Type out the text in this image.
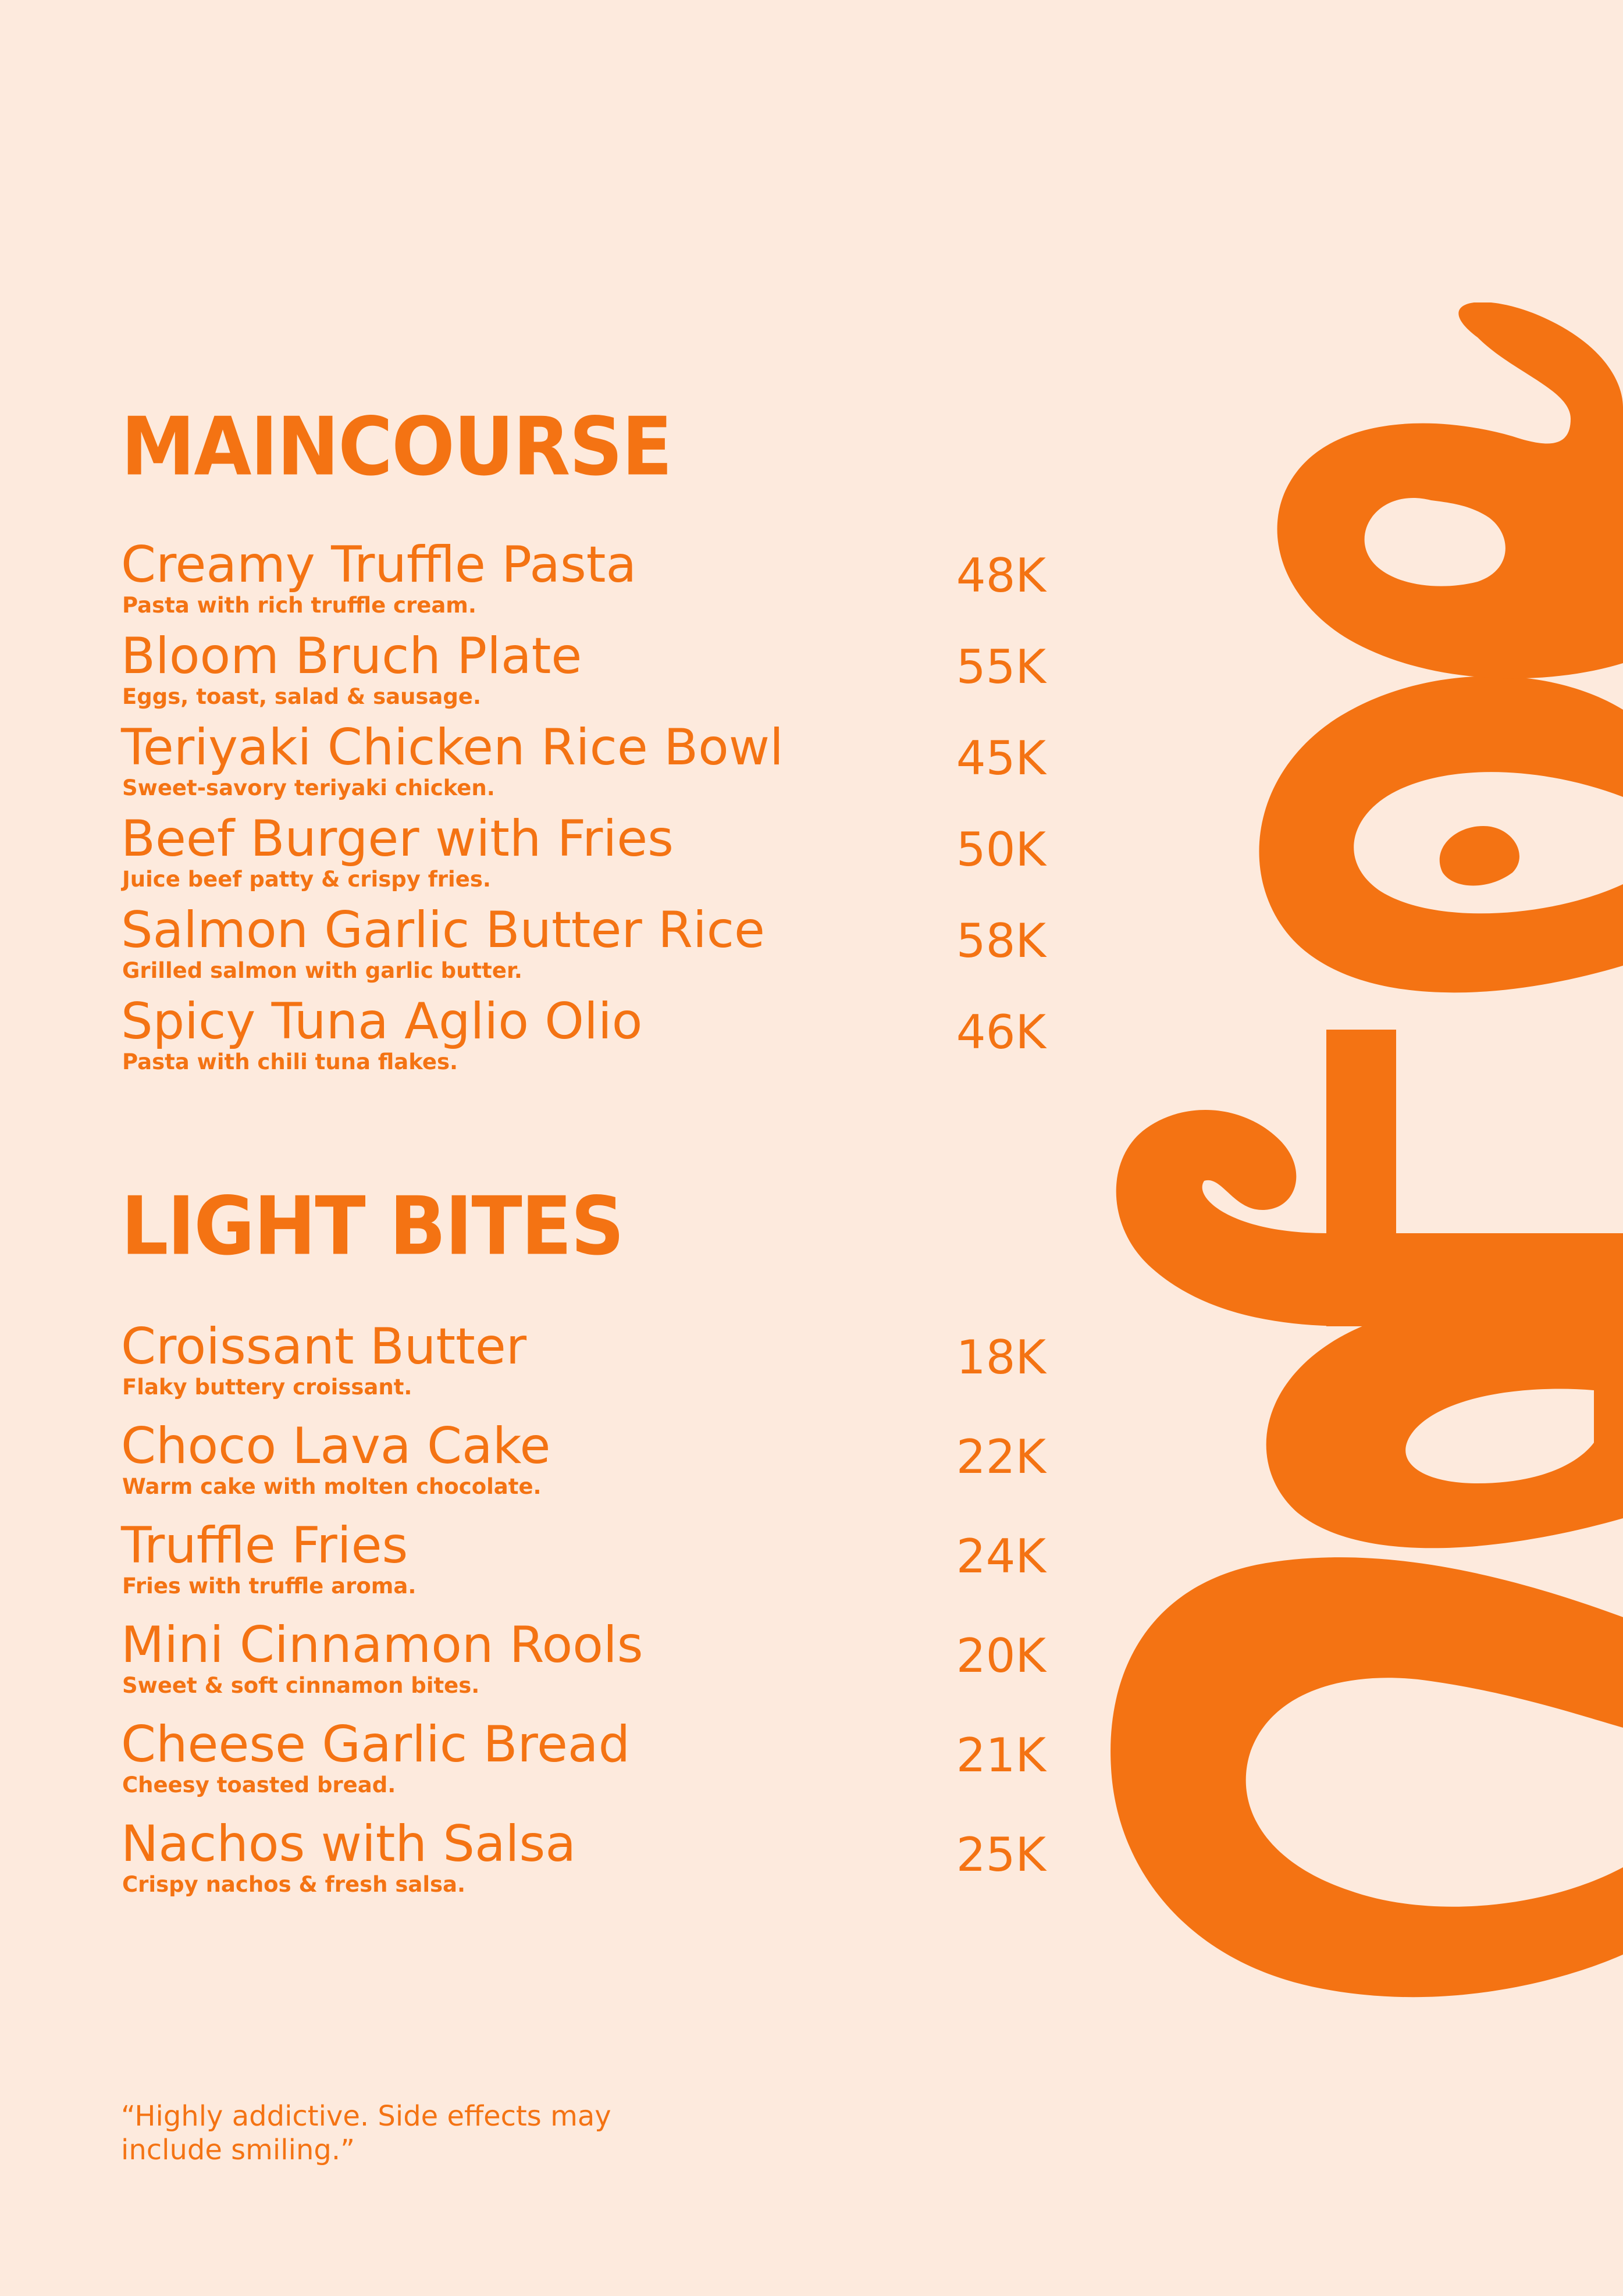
MAINCOURSE
Creamy Truffle Pasta
Pasta with rich truffle cream.
48K
Bloom Bruch Plate
Eggs, toast, salad & sausage.
55K
Teriyaki Chicken Rice Bowl
Sweet-savory teriyaki chicken.
45K
Beef Burger with Fries
Juice beef patty & crispy fries.
50K
Salmon Garlic Butter Rice
Grilled salmon with garlic butter.
58K
Spicy Tuna Aglio Olio
Pasta with chili tuna flakes.
46K
LIGHT BITES
Croissant Butter
Flaky buttery croissant.
18K
Choco Lava Cake
Warm cake with molten chocolate.
22K
Truffle Fries
Fries with truffle aroma.
24K
Mini Cinnamon Rools
Sweet & soft cinnamon bites.
20K
Cheese Garlic Bread
Cheesy toasted bread.
21K
Nachos with Salsa
Crispy nachos & fresh salsa.
25K

“Highly addictive. Side effects may include smiling.”
